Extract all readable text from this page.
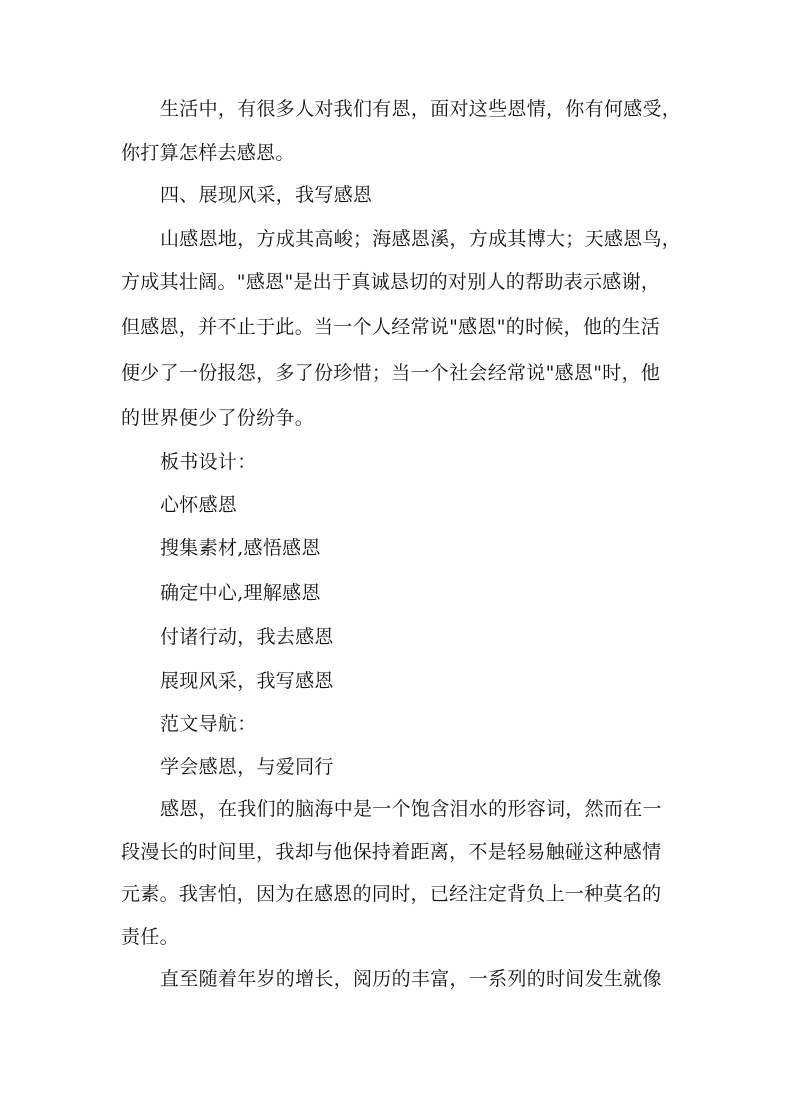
生活中，有很多人对我们有恩，面对这些恩情，你有何感受，
你打算怎样去感恩。
四、展现风采，我写感恩
山感恩地，方成其高峻；海感恩溪，方成其博大；天感恩鸟，
方成其壮阔。"感恩"是出于真诚恳切的对别人的帮助表示感谢，
但感恩，并不止于此。当一个人经常说"感恩"的时候，他的生活
便少了一份报怨，多了份珍惜；当一个社会经常说"感恩"时，他
的世界便少了份纷争。
板书设计：
心怀感恩
搜集素材,感悟感恩
确定中心,理解感恩
付诸行动，我去感恩
展现风采，我写感恩
范文导航：
学会感恩，与爱同行
感恩，在我们的脑海中是一个饱含泪水的形容词，然而在一
段漫长的时间里，我却与他保持着距离，不是轻易触碰这种感情
元素。我害怕，因为在感恩的同时，已经注定背负上一种莫名的
责任。
直至随着年岁的增长，阅历的丰富，一系列的时间发生就像
